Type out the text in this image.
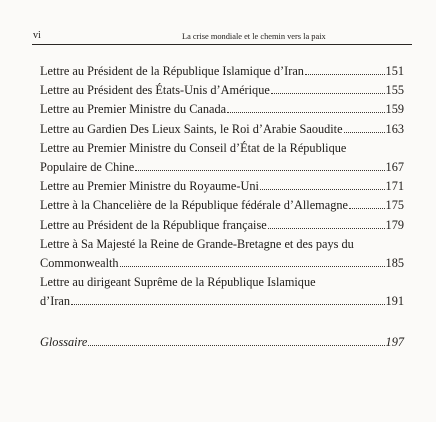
vi	La crise mondiale et le chemin vers la paix
Lettre au Président de la République Islamique d’Iran	151
Lettre au Président des États-Unis d’Amérique	155
Lettre au Premier Ministre du Canada	159
Lettre au Gardien Des Lieux Saints, le Roi d’Arabie Saoudite	163
Lettre au Premier Ministre du Conseil d’État de la République
Populaire de Chine	167
Lettre au Premier Ministre du Royaume-Uni	171
Lettre à la Chancelière de la République fédérale d’Allemagne	175
Lettre au Président de la République française	179
Lettre à Sa Majesté la Reine de Grande-Bretagne et des pays du
Commonwealth	185
Lettre au dirigeant Suprême de la République Islamique
d’Iran	191
Glossaire	197
